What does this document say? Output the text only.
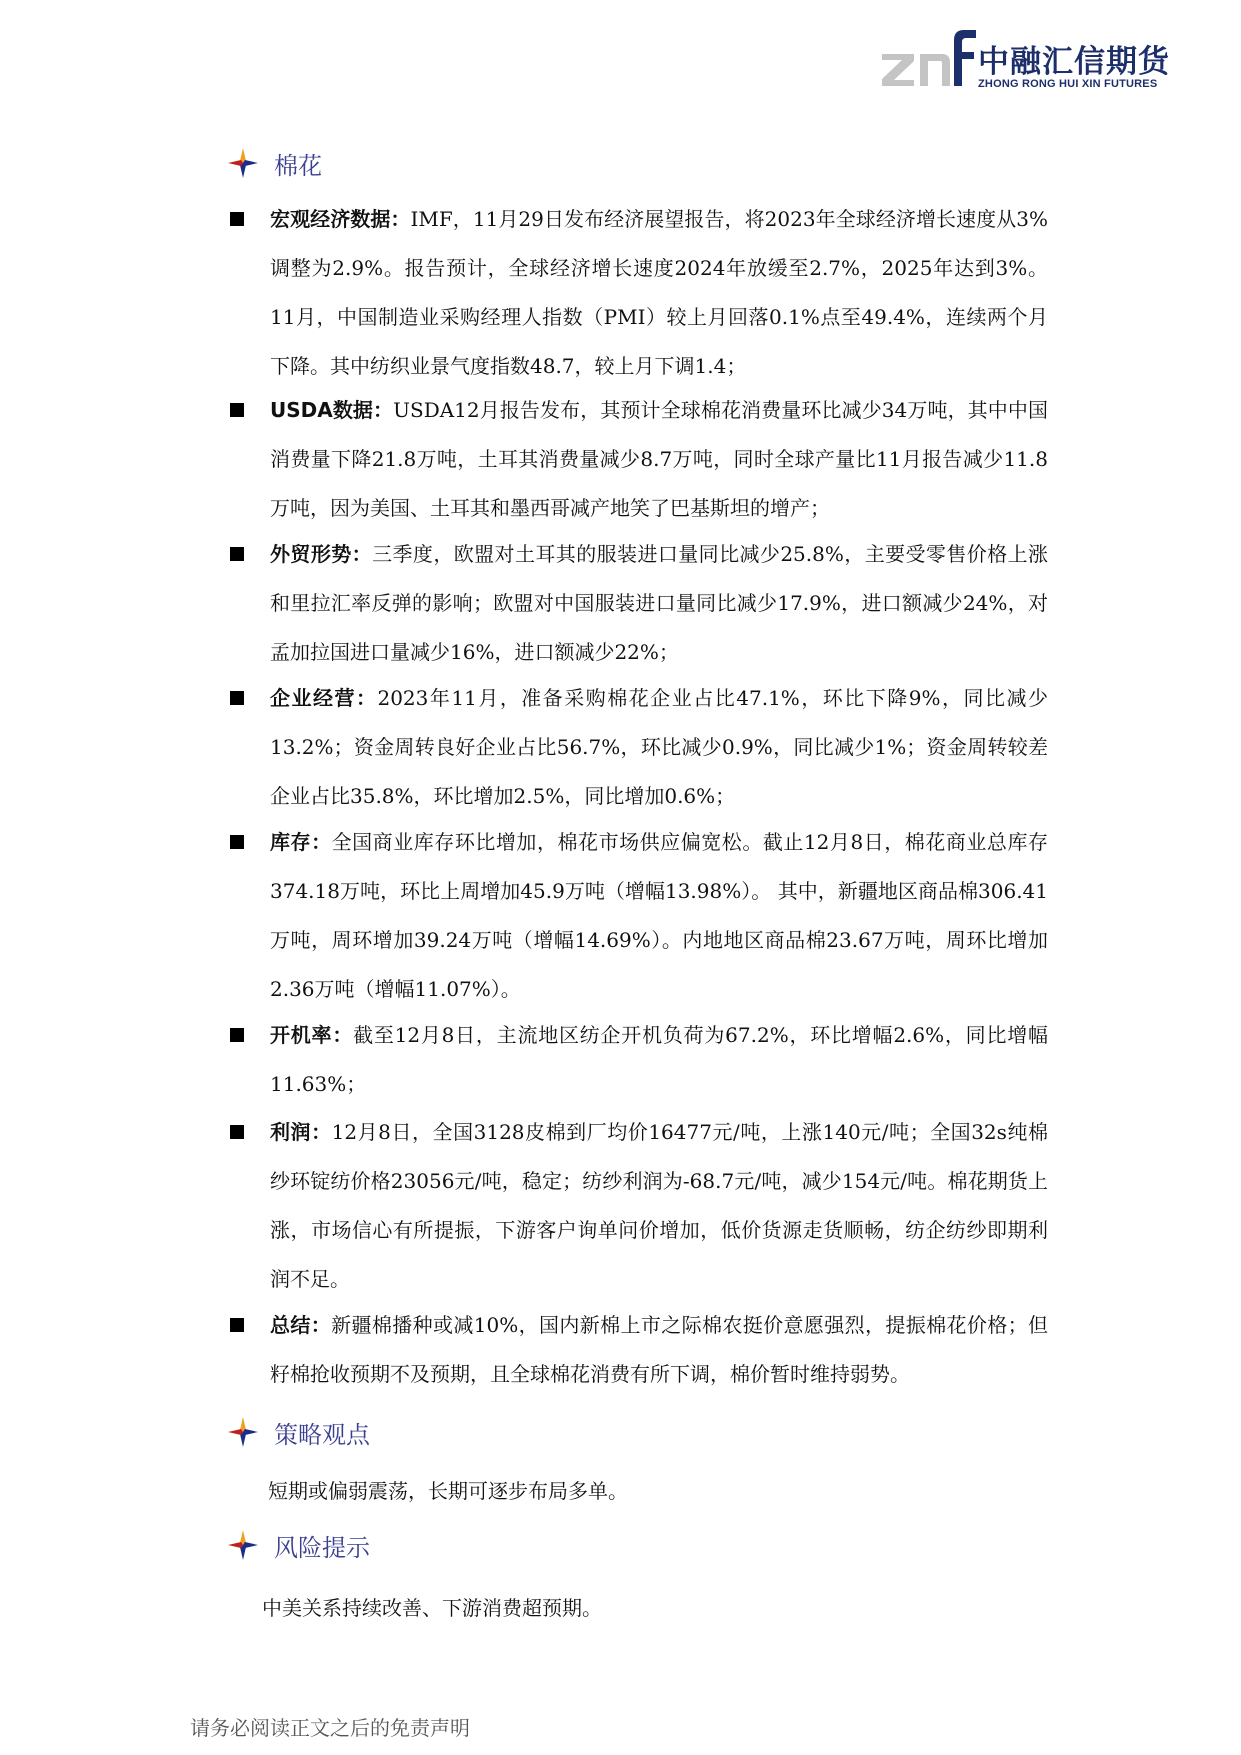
中融汇信期货
ZHONG RONG HUI XIN FUTURES
棉花
宏观经济数据：IMF，11月29日发布经济展望报告，将2023年全球经济增长速度从3%调整为2.9%。报告预计，全球经济增长速度2024年放缓至2.7%，2025年达到3%。11月，中国制造业采购经理人指数（PMI）较上月回落0.1%点至49.4%，连续两个月下降。其中纺织业景气度指数48.7，较上月下调1.4；
USDA数据：USDA12月报告发布，其预计全球棉花消费量环比减少34万吨，其中中国消费量下降21.8万吨，土耳其消费量减少8.7万吨，同时全球产量比11月报告减少11.8万吨，因为美国、土耳其和墨西哥减产地笑了巴基斯坦的增产；
外贸形势：三季度，欧盟对土耳其的服装进口量同比减少25.8%，主要受零售价格上涨和里拉汇率反弹的影响；欧盟对中国服装进口量同比减少17.9%，进口额减少24%，对孟加拉国进口量减少16%，进口额减少22%；
企业经营：2023年11月，准备采购棉花企业占比47.1%，环比下降9%，同比减少13.2%；资金周转良好企业占比56.7%，环比减少0.9%，同比减少1%；资金周转较差企业占比35.8%，环比增加2.5%，同比增加0.6%；
库存：全国商业库存环比增加，棉花市场供应偏宽松。截止12月8日，棉花商业总库存374.18万吨，环比上周增加45.9万吨（增幅13.98%）。 其中，新疆地区商品棉306.41万吨，周环增加39.24万吨（增幅14.69%）。内地地区商品棉23.67万吨，周环比增加2.36万吨（增幅11.07%）。
开机率：截至12月8日，主流地区纺企开机负荷为67.2%，环比增幅2.6%，同比增幅11.63%；
利润：12月8日，全国3128皮棉到厂均价16477元/吨，上涨140元/吨；全国32s纯棉纱环锭纺价格23056元/吨，稳定；纺纱利润为-68.7元/吨，减少154元/吨。棉花期货上涨，市场信心有所提振，下游客户询单问价增加，低价货源走货顺畅，纺企纺纱即期利润不足。
总结：新疆棉播种或减10%，国内新棉上市之际棉农挺价意愿强烈，提振棉花价格；但籽棉抢收预期不及预期，且全球棉花消费有所下调，棉价暂时维持弱势。
策略观点
短期或偏弱震荡，长期可逐步布局多单。
风险提示
中美关系持续改善、下游消费超预期。
请务必阅读正文之后的免责声明
